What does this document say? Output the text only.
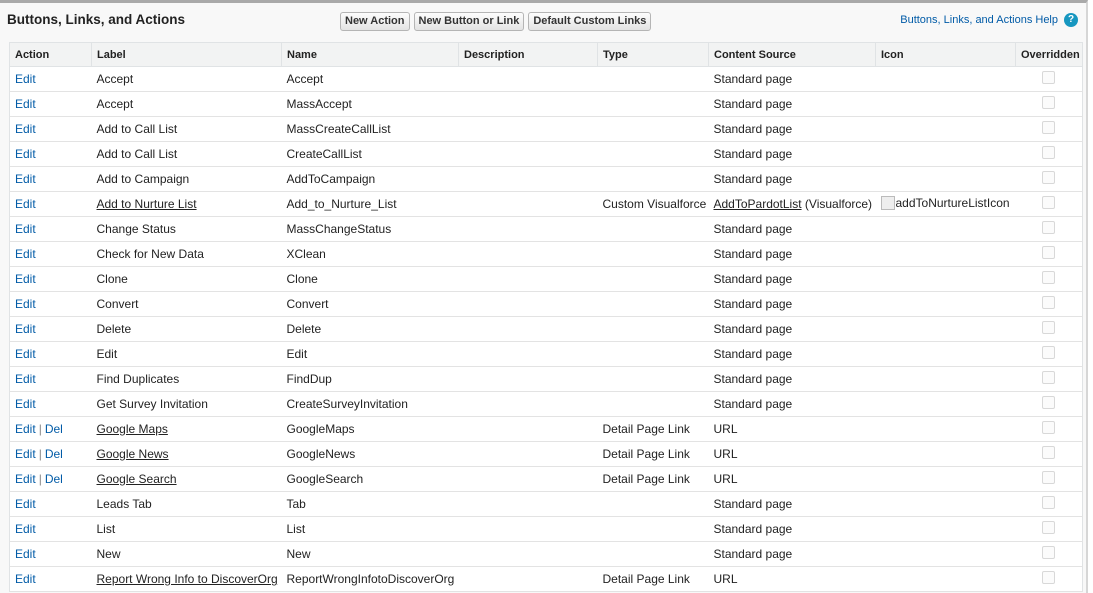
Buttons, Links, and Actions	New Action	New Button or Link	Default Custom Links	Buttons, Links, and Actions Help ?
Action	Label	Name	Description	Type	Content Source	Icon	Overridden
Edit	Accept	Accept			Standard page		
Edit	Accept	MassAccept			Standard page		
Edit	Add to Call List	MassCreateCallList			Standard page		
Edit	Add to Call List	CreateCallList			Standard page		
Edit	Add to Campaign	AddToCampaign			Standard page		
Edit	Add to Nurture List	Add_to_Nurture_List		Custom Visualforce	AddToPardotList (Visualforce)	addToNurtureListIcon	

Edit	Change Status	MassChangeStatus			Standard page		
Edit	Check for New Data	XClean			Standard page		
Edit	Clone	Clone			Standard page		
Edit	Convert	Convert			Standard page		
Edit	Delete	Delete			Standard page		
Edit	Edit	Edit			Standard page		
Edit	Find Duplicates	FindDup			Standard page		
Edit	Get Survey Invitation	CreateSurveyInvitation			Standard page		
Edit | Del	Google Maps	GoogleMaps		Detail Page Link	URL		
Edit | Del	Google News	GoogleNews		Detail Page Link	URL		
Edit | Del	Google Search	GoogleSearch		Detail Page Link	URL		
Edit	Leads Tab	Tab			Standard page		
Edit	List	List			Standard page		
Edit	New	New			Standard page		
Edit	Report Wrong Info to DiscoverOrg	ReportWrongInfotoDiscoverOrg		Detail Page Link	URL		
